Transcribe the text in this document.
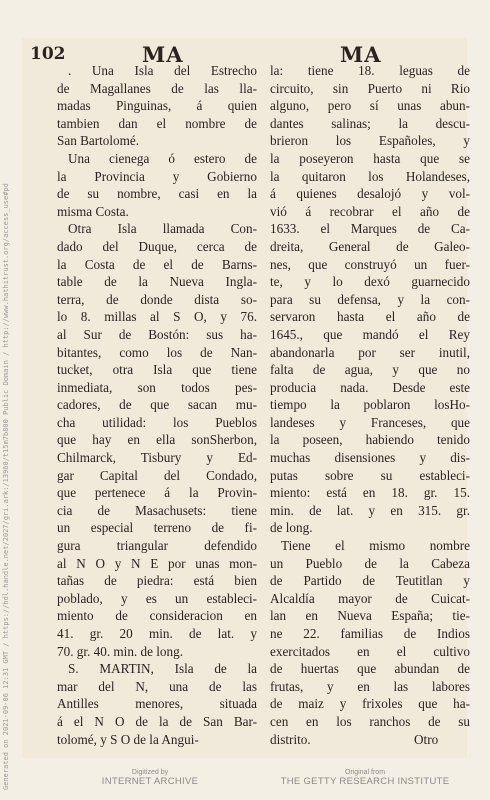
102	MA	MA
. Una Isla del Estrecho
de Magallanes de las lla-
madas Pinguinas, á quien
tambien dan el nombre de
San Bartolomé.
Una cienega ó estero de
la Provincia y Gobierno
de su nombre, casi en la
misma Costa.
Otra Isla llamada Con-
dado del Duque, cerca de
la Costa de el de Barns-
table de la Nueva Ingla-
terra, de donde dista so-
lo 8. millas al S O, y 76.
al Sur de Bostón: sus ha-
bitantes, como los de Nan-
tucket, otra Isla que tiene
inmediata, son todos pes-
cadores, de que sacan mu-
cha utilidad: los Pueblos
que hay en ella sonSherbon,
Chilmarck, Tisbury y Ed-
gar Capital del Condado,
que pertenece á la Provin-
cia de Masachusets: tiene
un especial terreno de fi-
gura triangular defendido
al N O y N E por unas mon-
tañas de piedra: está bien
poblado, y es un estableci-
miento de consideracion en
41. gr. 20 min. de lat. y
70. gr. 40. min. de long.
S. MARTIN, Isla de la
mar del N, una de las
Antilles menores, situada
á el N O de la de San Bar-
tolomé, y S O de la Angui-
la: tiene 18. leguas de
circuito, sin Puerto ni Rio
alguno, pero sí unas abun-
dantes salinas; la descu-
brieron los Españoles, y
la poseyeron hasta que se
la quitaron los Holandeses,
á quienes desalojó y vol-
vió á recobrar el año de
1633. el Marques de Ca-
dreita, General de Galeo-
nes, que construyó un fuer-
te, y lo dexó guarnecido
para su defensa, y la con-
servaron hasta el año de
1645., que mandó el Rey
abandonarla por ser inutil,
falta de agua, y que no
producia nada. Desde este
tiempo la poblaron losHo-
landeses y Franceses, que
la poseen, habiendo tenido
muchas disensiones y dis-
putas sobre su estableci-
miento: está en 18. gr. 15.
min. de lat. y en 315. gr.
de long.
Tiene el mismo nombre
un Pueblo de la Cabeza
de Partido de Teutitlan y
Alcaldía mayor de Cuicat-
lan en Nueva España; tie-
ne 22. familias de Indios
exercitados en el cultivo
de huertas que abundan de
frutas, y en las labores
de maiz y frixoles que ha-
cen en los ranchos de su
distrito.	Otro
Generated on 2021-09-06 12:31 GMT / https://hdl.handle.net/2027/gri.ark:/13960/t15m7b800 Public Domain / http://www.hathitrust.org/access_use#pd	Digitized by
INTERNET ARCHIVE
Original from
THE GETTY RESEARCH INSTITUTE
